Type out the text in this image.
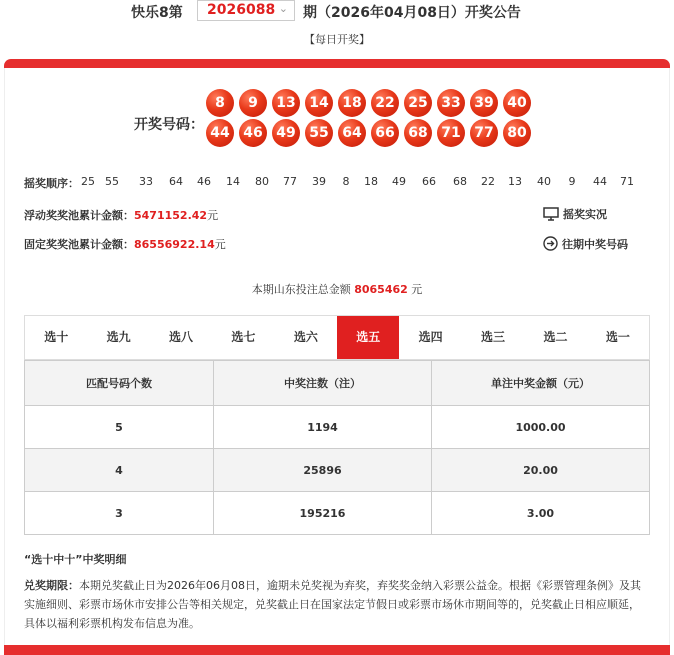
快乐8第 2026088 ⌄ 期（2026年04月08日）开奖公告
【每日开奖】
开奖号码：
8	9	13 14 18 22 25 33 39 40
44 46 49 55 64 66 68 71 77 80
摇奖顺序： 25 55	33	64	46	14	80	77	39	8	18	49	66	68	22	13	40	9	44	71
浮动奖奖池累计金额：5471152.42元
固定奖奖池累计金额：86556922.14元
摇奖实况
往期中奖号码
本期山东投注总金额 8065462 元
选十	选九	选八	选七	选六	选五	选四	选三	选二	选一
匹配号码个数	中奖注数（注）	单注中奖金额（元）
5	1194	1000.00
4	25896	20.00
3	195216	3.00
“选十中十”中奖明细
兑奖期限：本期兑奖截止日为2026年06月08日，逾期未兑奖视为弃奖，弃奖奖金纳入彩票公益金。根据《彩票管理条例》及其实施细则、彩票市场休市安排公告等相关规定，兑奖截止日在国家法定节假日或彩票市场休市期间等的，兑奖截止日相应顺延，具体以福利彩票机构发布信息为准。
